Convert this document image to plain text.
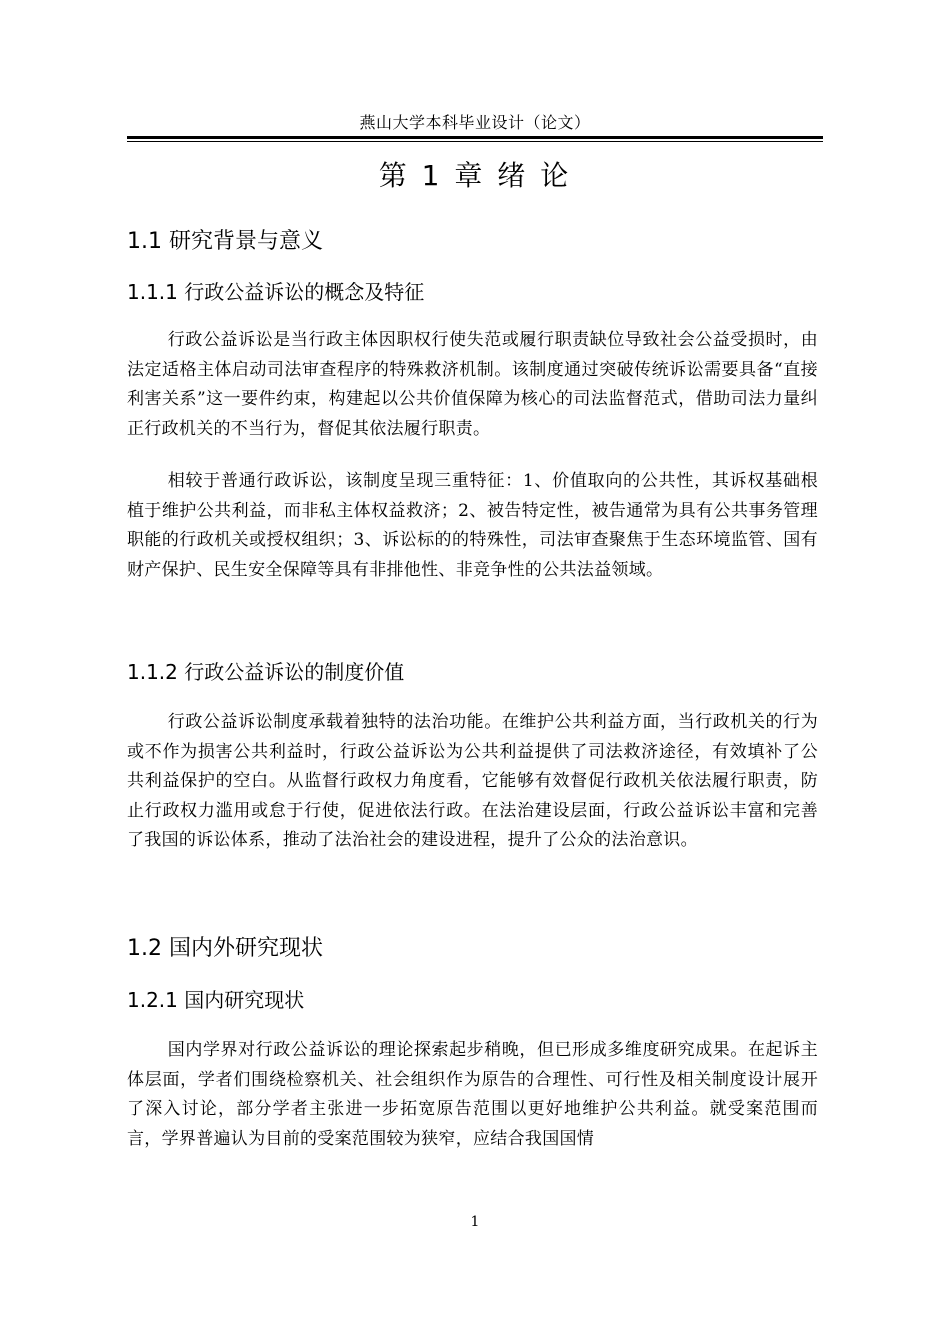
燕山大学本科毕业设计（论文）
第 1 章 绪 论
1.1 研究背景与意义
1.1.1 行政公益诉讼的概念及特征

行政公益诉讼是当行政主体因职权行使失范或履行职责缺位导致社会公益受损时，由法定适格主体启动司法审查程序的特殊救济机制。该制度通过突破传统诉讼需要具备“直接利害关系”这一要件约束，构建起以公共价值保障为核心的司法监督范式，借助司法力量纠正行政机关的不当行为，督促其依法履行职责。

相较于普通行政诉讼，该制度呈现三重特征：1、价值取向的公共性，其诉权基础根植于维护公共利益，而非私主体权益救济；2、被告特定性，被告通常为具有公共事务管理职能的行政机关或授权组织；3、诉讼标的的特殊性，司法审查聚焦于生态环境监管、国有财产保护、民生安全保障等具有非排他性、非竞争性的公共法益领域。

1.1.2 行政公益诉讼的制度价值

行政公益诉讼制度承载着独特的法治功能。在维护公共利益方面，当行政机关的行为或不作为损害公共利益时，行政公益诉讼为公共利益提供了司法救济途径，有效填补了公共利益保护的空白。从监督行政权力角度看，它能够有效督促行政机关依法履行职责，防止行政权力滥用或怠于行使，促进依法行政。在法治建设层面，行政公益诉讼丰富和完善了我国的诉讼体系，推动了法治社会的建设进程，提升了公众的法治意识。

1.2 国内外研究现状
1.2.1 国内研究现状

国内学界对行政公益诉讼的理论探索起步稍晚，但已形成多维度研究成果。在起诉主体层面，学者们围绕检察机关、社会组织作为原告的合理性、可行性及相关制度设计展开了深入讨论，部分学者主张进一步拓宽原告范围以更好地维护公共利益。就受案范围而言，学界普遍认为目前的受案范围较为狭窄，应结合我国国情

1
